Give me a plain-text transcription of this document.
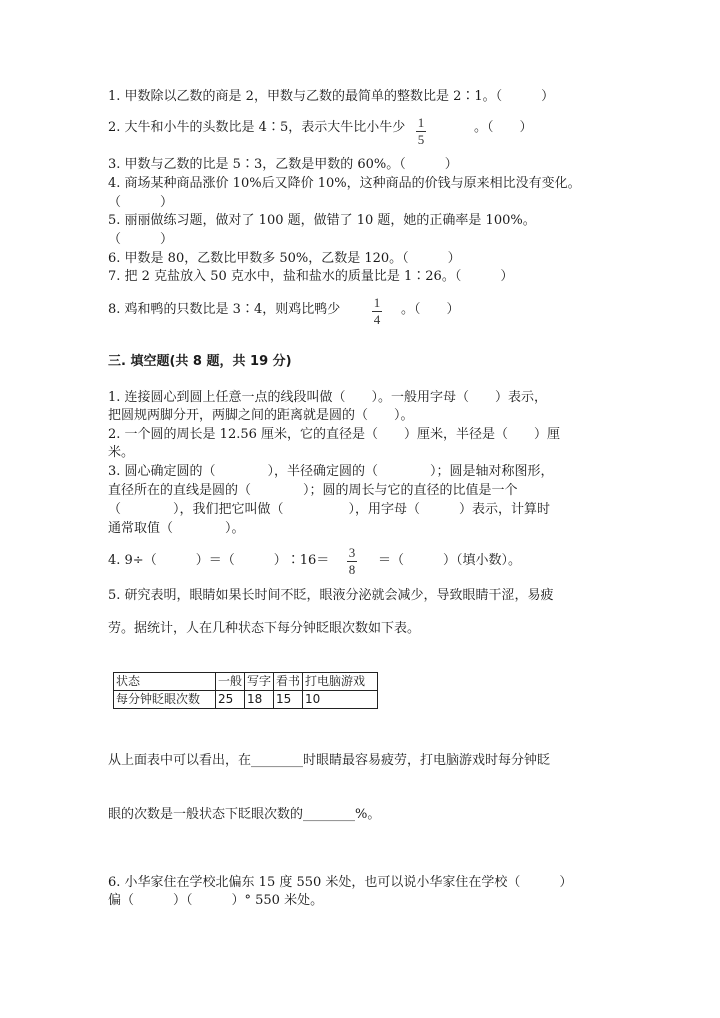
1. 甲数除以乙数的商是 2，甲数与乙数的最简单的整数比是 2∶1。（　　　）
2. 大牛和小牛的头数比是 4∶5，表示大牛比小牛少 1
5
。（　　）
3. 甲数与乙数的比是 5∶3，乙数是甲数的 60%。（　　　）
4. 商场某种商品涨价 10%后又降价 10%，这种商品的价钱与原来相比没有变化。
（　　　）
5. 丽丽做练习题，做对了 100 题，做错了 10 题，她的正确率是 100%。
（　　　）
6. 甲数是 80，乙数比甲数多 50%，乙数是 120。（　　　）
7. 把 2 克盐放入 50 克水中，盐和盐水的质量比是 1∶26。（　　　）
8. 鸡和鸭的只数比是 3∶4，则鸡比鸭少	1
4
。（　　）
三. 填空题(共 8 题，共 19 分)
1. 连接圆心到圆上任意一点的线段叫做（　　）。一般用字母（　　）表示，
把圆规两脚分开，两脚之间的距离就是圆的（　　）。
2. 一个圆的周长是 12.56 厘米，它的直径是（　　）厘米，半径是（　　）厘
米。
3. 圆心确定圆的（　　　　），半径确定圆的（　　　　）；圆是轴对称图形，
直径所在的直线是圆的（　　　　）；圆的周长与它的直径的比值是一个
（　　　　），我们把它叫做（　　　　　），用字母（　　　）表示，计算时
通常取值（　　　　）。
4. 9÷（　　　）＝（　　　）∶16＝
3
8
＝（　　　）（填小数）。
5. 研究表明，眼睛如果长时间不眨，眼液分泌就会减少，导致眼睛干涩，易疲
劳。据统计，人在几种状态下每分钟眨眼次数如下表。
状态	一般	写字	看书	打电脑游戏
每分钟眨眼次数	25	18	15	10
从上面表中可以看出，在________时眼睛最容易疲劳，打电脑游戏时每分钟眨
眼的次数是一般状态下眨眼次数的________%。
6. 小华家住在学校北偏东 15 度 550 米处，也可以说小华家住在学校（　　　）
偏（　　　）（　　　）° 550 米处。
